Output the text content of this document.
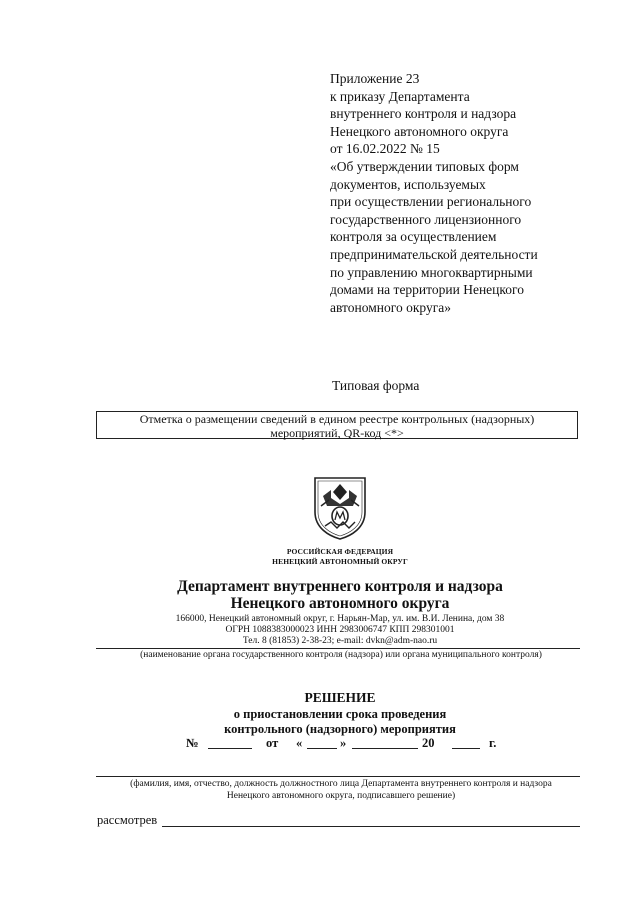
Приложение 23
к приказу Департамента
внутреннего контроля и надзора
Ненецкого автономного округа
от 16.02.2022 № 15
«Об утверждении типовых форм
документов, используемых
при осуществлении регионального
государственного лицензионного
контроля за осуществлением
предпринимательской деятельности
по управлению многоквартирными
домами на территории Ненецкого
автономного округа»
Типовая форма
Отметка о размещении сведений в едином реестре контрольных (надзорных)
мероприятий, QR-код <*>
РОССИЙСКАЯ ФЕДЕРАЦИЯ
НЕНЕЦКИЙ АВТОНОМНЫЙ ОКРУГ
Департамент внутреннего контроля и надзора
Ненецкого автономного округа
166000, Ненецкий автономный округ, г. Нарьян-Мар, ул. им. В.И. Ленина, дом 38
ОГРН 1088383000023 ИНН 2983006747 КПП 298301001
Тел. 8 (81853) 2-38-23; e-mail: dvkn@adm-nao.ru
(наименование органа государственного контроля (надзора) или органа муниципального контроля)
РЕШЕНИЕ
о приостановлении срока проведения
контрольного (надзорного) мероприятия
№	от «	»	20	г.
(фамилия, имя, отчество, должность должностного лица Департамента внутреннего контроля и надзора
Ненецкого автономного округа, подписавшего решение)
рассмотрев
